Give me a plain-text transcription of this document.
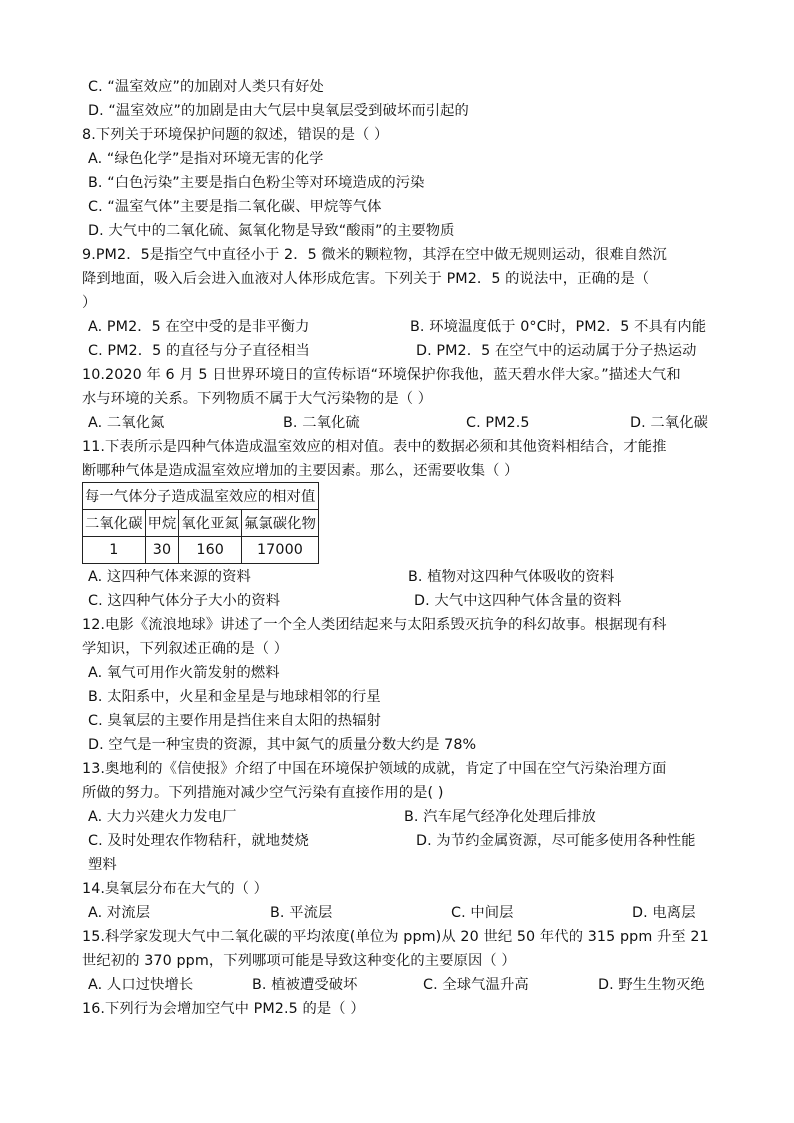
C. “温室效应”的加剧对人类只有好处
D. “温室效应”的加剧是由大气层中臭氧层受到破坏而引起的
8.下列关于环境保护问题的叙述，错误的是（ ）
A. “绿色化学”是指对环境无害的化学
B. “白色污染”主要是指白色粉尘等对环境造成的污染
C. “温室气体”主要是指二氧化碳、甲烷等气体
D. 大气中的二氧化硫、氮氧化物是导致“酸雨”的主要物质
9.PM2．5是指空气中直径小于 2．5 微米的颗粒物，其浮在空中做无规则运动，很难自然沉
降到地面，吸入后会进入血液对人体形成危害。下列关于 PM2．5 的说法中，正确的是（
）
A. PM2．5 在空中受的是非平衡力	B. 环境温度低于 0°C时，PM2．5 不具有内能
C. PM2．5 的直径与分子直径相当	D. PM2．5 在空气中的运动属于分子热运动
10.2020 年 6 月 5 日世界环境日的宣传标语“环境保护你我他，蓝天碧水伴大家。”描述大气和
水与环境的关系。下列物质不属于大气污染物的是（ ）
A. 二氧化氮	B. 二氧化硫	C. PM2.5	D. 二氧化碳
11.下表所示是四种气体造成温室效应的相对值。表中的数据必须和其他资料相结合，才能推
断哪种气体是造成温室效应增加的主要因素。那么，还需要收集（ ）
每一气体分子造成温室效应的相对值			
二氧化碳	甲烷	氧化亚氮	氟氯碳化物
1	30	160	17000
A. 这四种气体来源的资料	B. 植物对这四种气体吸收的资料
C. 这四种气体分子大小的资料	D. 大气中这四种气体含量的资料
12.电影《流浪地球》讲述了一个全人类团结起来与太阳系毁灭抗争的科幻故事。根据现有科
学知识，下列叙述正确的是（ ）
A. 氧气可用作火箭发射的燃料
B. 太阳系中，火星和金星是与地球相邻的行星
C. 臭氧层的主要作用是挡住来自太阳的热辐射
D. 空气是一种宝贵的资源，其中氮气的质量分数大约是 78%
13.奥地利的《信使报》介绍了中国在环境保护领域的成就，肯定了中国在空气污染治理方面
所做的努力。下列措施对减少空气污染有直接作用的是( )
A. 大力兴建火力发电厂	B. 汽车尾气经净化处理后排放
C. 及时处理农作物秸秆，就地焚烧	D. 为节约金属资源，尽可能多使用各种性能
塑料
14.臭氧层分布在大气的（ ）
A. 对流层	B. 平流层	C. 中间层	D. 电离层
15.科学家发现大气中二氧化碳的平均浓度(单位为 ppm)从 20 世纪 50 年代的 315 ppm 升至 21
世纪初的 370 ppm，下列哪项可能是导致这种变化的主要原因（ ）
A. 人口过快增长	B. 植被遭受破坏	C. 全球气温升高	D. 野生生物灭绝
16.下列行为会增加空气中 PM2.5 的是（ ）
